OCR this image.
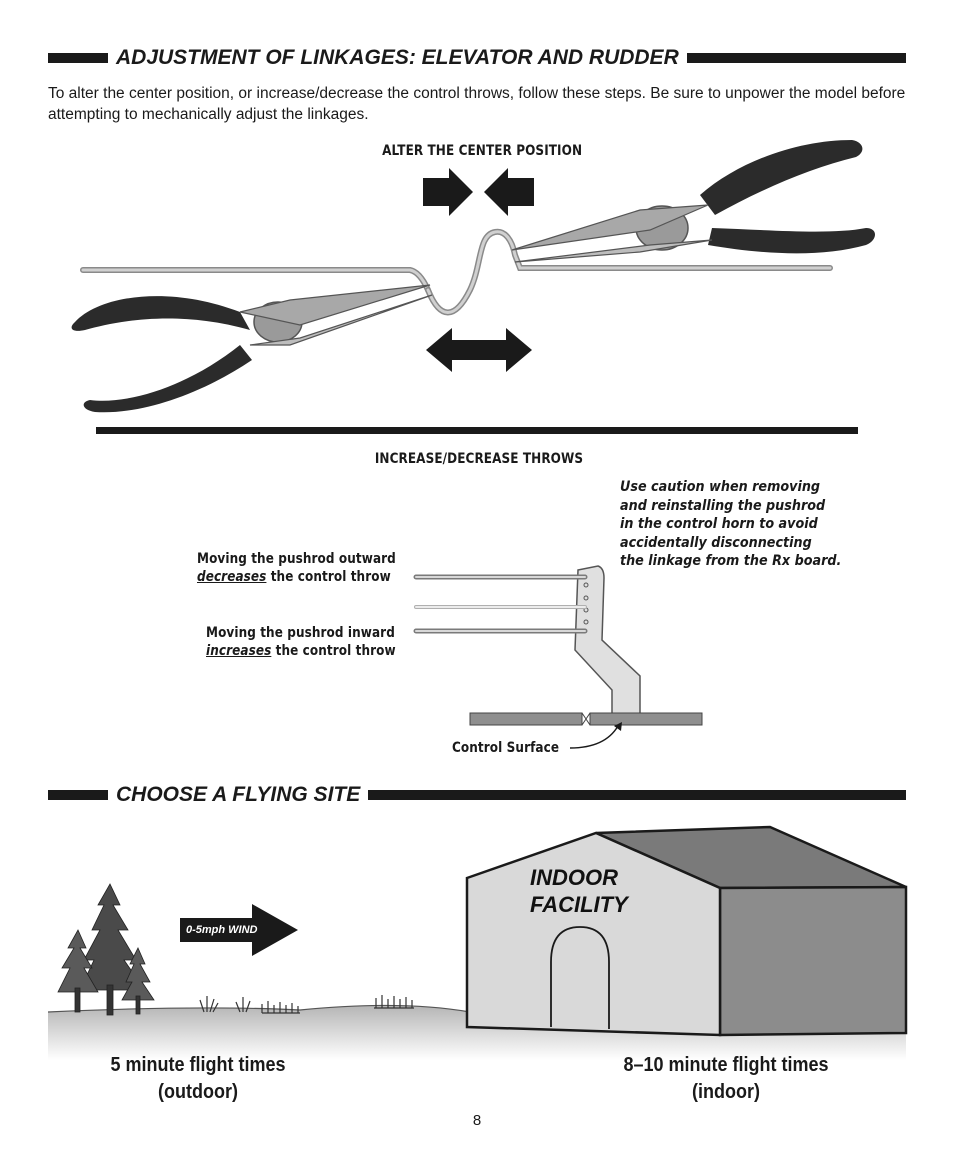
ADJUSTMENT OF LINKAGES: ELEVATOR AND RUDDER

To alter the center position, or increase/decrease the control throws, follow these steps. Be sure to unpower the model before attempting to mechanically adjust the linkages.

ALTER THE CENTER POSITION
INCREASE/DECREASE THROWS
Use caution when removing
and reinstalling the pushrod
in the control horn to avoid
accidentally disconnecting
the linkage from the Rx board.
Moving the pushrod outward
decreases the control throw
Moving the pushrod inward
increases the control throw
Control Surface
CHOOSE A FLYING SITE
0-5mph WIND
INDOOR
FACILITY
5 minute flight times
(outdoor)
8–10 minute flight times
(indoor)
8
